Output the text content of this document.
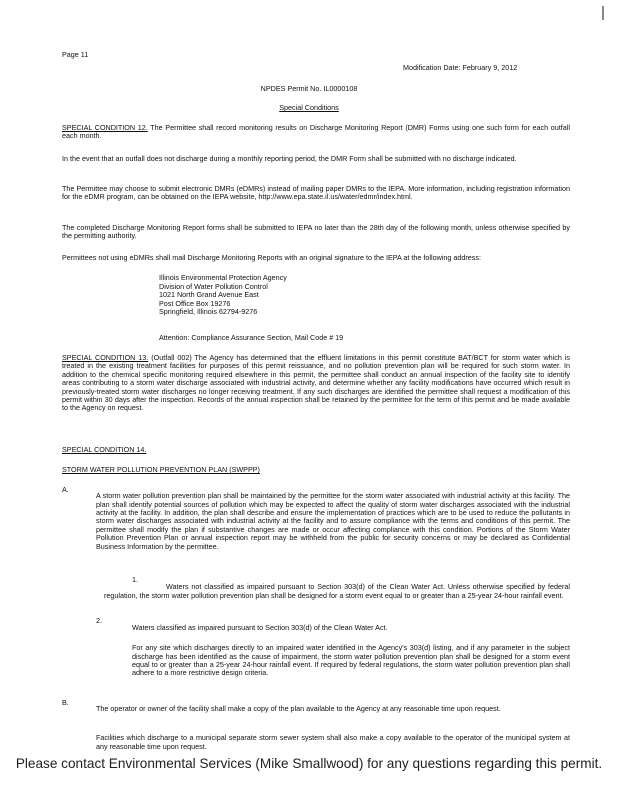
Page 11
Modification Date: February 9, 2012
NPDES Permit No. IL0000108
Special Conditions

SPECIAL CONDITION 12. The Permittee shall record monitoring results on Discharge Monitoring Report (DMR) Forms using one such form for each outfall each month.

In the event that an outfall does not discharge during a monthly reporting period, the DMR Form shall be submitted with no discharge indicated.

The Permittee may choose to submit electronic DMRs (eDMRs) instead of mailing paper DMRs to the IEPA. More information, including registration information for the eDMR program, can be obtained on the IEPA website, http://www.epa.state.il.us/water/edmr/index.html.

The completed Discharge Monitoring Report forms shall be submitted to IEPA no later than the 28th day of the following month, unless otherwise specified by the permitting authority.

Permittees not using eDMRs shall mail Discharge Monitoring Reports with an original signature to the IEPA at the following address:

Illinois Environmental Protection Agency
Division of Water Pollution Control
1021 North Grand Avenue East
Post Office Box 19276
Springfield, Illinois 62794-9276
Attention: Compliance Assurance Section, Mail Code # 19

SPECIAL CONDITION 13. (Outfall 002) The Agency has determined that the effluent limitations in this permit constitute BAT/BCT for storm water which is treated in the existing treatment facilities for purposes of this permit reissuance, and no pollution prevention plan will be required for such storm water. In addition to the chemical specific monitoring required elsewhere in this permit, the permittee shall conduct an annual inspection of the facility site to identify areas contributing to a storm water discharge associated with industrial activity, and determine whether any facility modifications have occurred which result in previously-treated storm water discharges no longer receiving treatment. If any such discharges are identified the permittee shall request a modification of this permit within 30 days after the inspection. Records of the annual inspection shall be retained by the permittee for the term of this permit and be made available to the Agency on request.

SPECIAL CONDITION 14.
STORM WATER POLLUTION PREVENTION PLAN (SWPPP)
A.

A storm water pollution prevention plan shall be maintained by the permittee for the storm water associated with industrial activity at this facility. The plan shall identify potential sources of pollution which may be expected to affect the quality of storm water discharges associated with the industrial activity at the facility. In addition, the plan shall describe and ensure the implementation of practices which are to be used to reduce the pollutants in storm water discharges associated with industrial activity at the facility and to assure compliance with the terms and conditions of this permit. The permittee shall modify the plan if substantive changes are made or occur affecting compliance with this condition. Portions of the Storm Water Pollution Prevention Plan or annual inspection report may be withheld from the public for security concerns or may be declared as Confidential Business Information by the permittee.

1.

Waters not classified as impaired pursuant to Section 303(d) of the Clean Water Act. Unless otherwise specified by federal regulation, the storm water pollution prevention plan shall be designed for a storm event equal to or greater than a 25-year 24-hour rainfall event.

2.

Waters classified as impaired pursuant to Section 303(d) of the Clean Water Act.

For any site which discharges directly to an impaired water identified in the Agency's 303(d) listing, and if any parameter in the subject discharge has been identified as the cause of impairment, the storm water pollution prevention plan shall be designed for a storm event equal to or greater than a 25-year 24-hour rainfall event. If required by federal regulations, the storm water pollution prevention plan shall adhere to a more restrictive design criteria.

B.

The operator or owner of the facility shall make a copy of the plan available to the Agency at any reasonable time upon request.

Facilities which discharge to a municipal separate storm sewer system shall also make a copy available to the operator of the municipal system at any reasonable time upon request.

Please contact Environmental Services (Mike Smallwood) for any questions regarding this permit.
